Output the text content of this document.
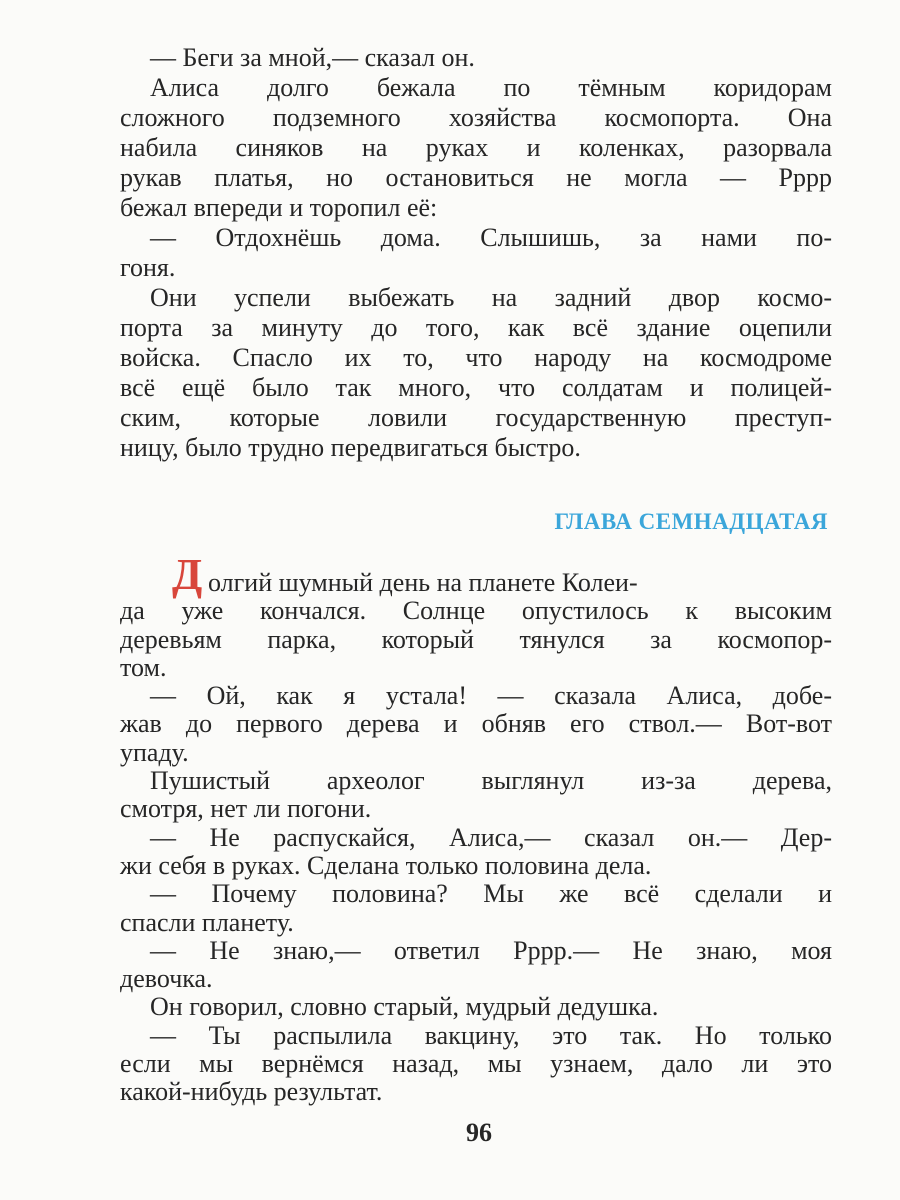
— Беги за мной,— сказал он.
Алиса долго бежала по тёмным коридорам
сложного подземного хозяйства космопорта. Она
набила синяков на руках и коленках, разорвала
рукав платья, но остановиться не могла — Рррр
бежал впереди и торопил её:
— Отдохнёшь дома. Слышишь, за нами по-
гоня.
Они успели выбежать на задний двор космо-
порта за минуту до того, как всё здание оцепили
войска. Спасло их то, что народу на космодроме
всё ещё было так много, что солдатам и полицей-
ским, которые ловили государственную преступ-
ницу, было трудно передвигаться быстро.
ГЛАВА СЕМНАДЦАТАЯ
Д олгий шумный день на планете Колеи-
да уже кончался. Солнце опустилось к высоким
деревьям парка, который тянулся за космопор-
том.
— Ой, как я устала! — сказала Алиса, добе-
жав до первого дерева и обняв его ствол.— Вот-вот
упаду.
Пушистый археолог выглянул из-за дерева,
смотря, нет ли погони.
— Не распускайся, Алиса,— сказал он.— Дер-
жи себя в руках. Сделана только половина дела.
— Почему половина? Мы же всё сделали и
спасли планету.
— Не знаю,— ответил Рррр.— Не знаю, моя
девочка.
Он говорил, словно старый, мудрый дедушка.
— Ты распылила вакцину, это так. Но только
если мы вернёмся назад, мы узнаем, дало ли это
какой-нибудь результат.
96
